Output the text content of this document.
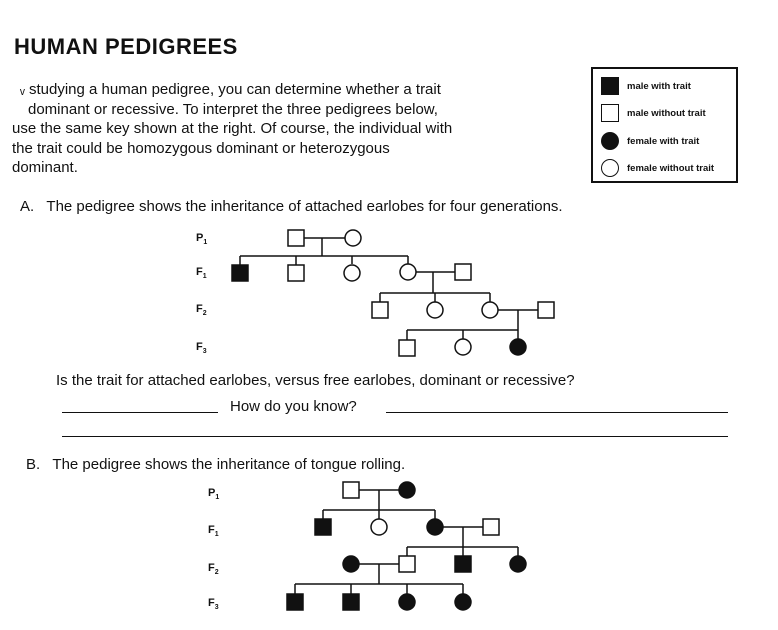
HUMAN PEDIGREES
ᵥ studying a human pedigree, you can determine whether a trait
dominant or recessive. To interpret the three pedigrees below,
use the same key shown at the right. Of course, the individual with
the trait could be homozygous dominant or heterozygous
dominant.
male with trait
male without trait
female with trait
female without trait
A. The pedigree shows the inheritance of attached earlobes for four generations.
$P_1$
$F_1$
$F_2$
$F_3$
Is the trait for attached earlobes, versus free earlobes, dominant or recessive?
How do you know?
B. The pedigree shows the inheritance of tongue rolling.
$P_1$
$F_1$
$F_2$
$F_3$
